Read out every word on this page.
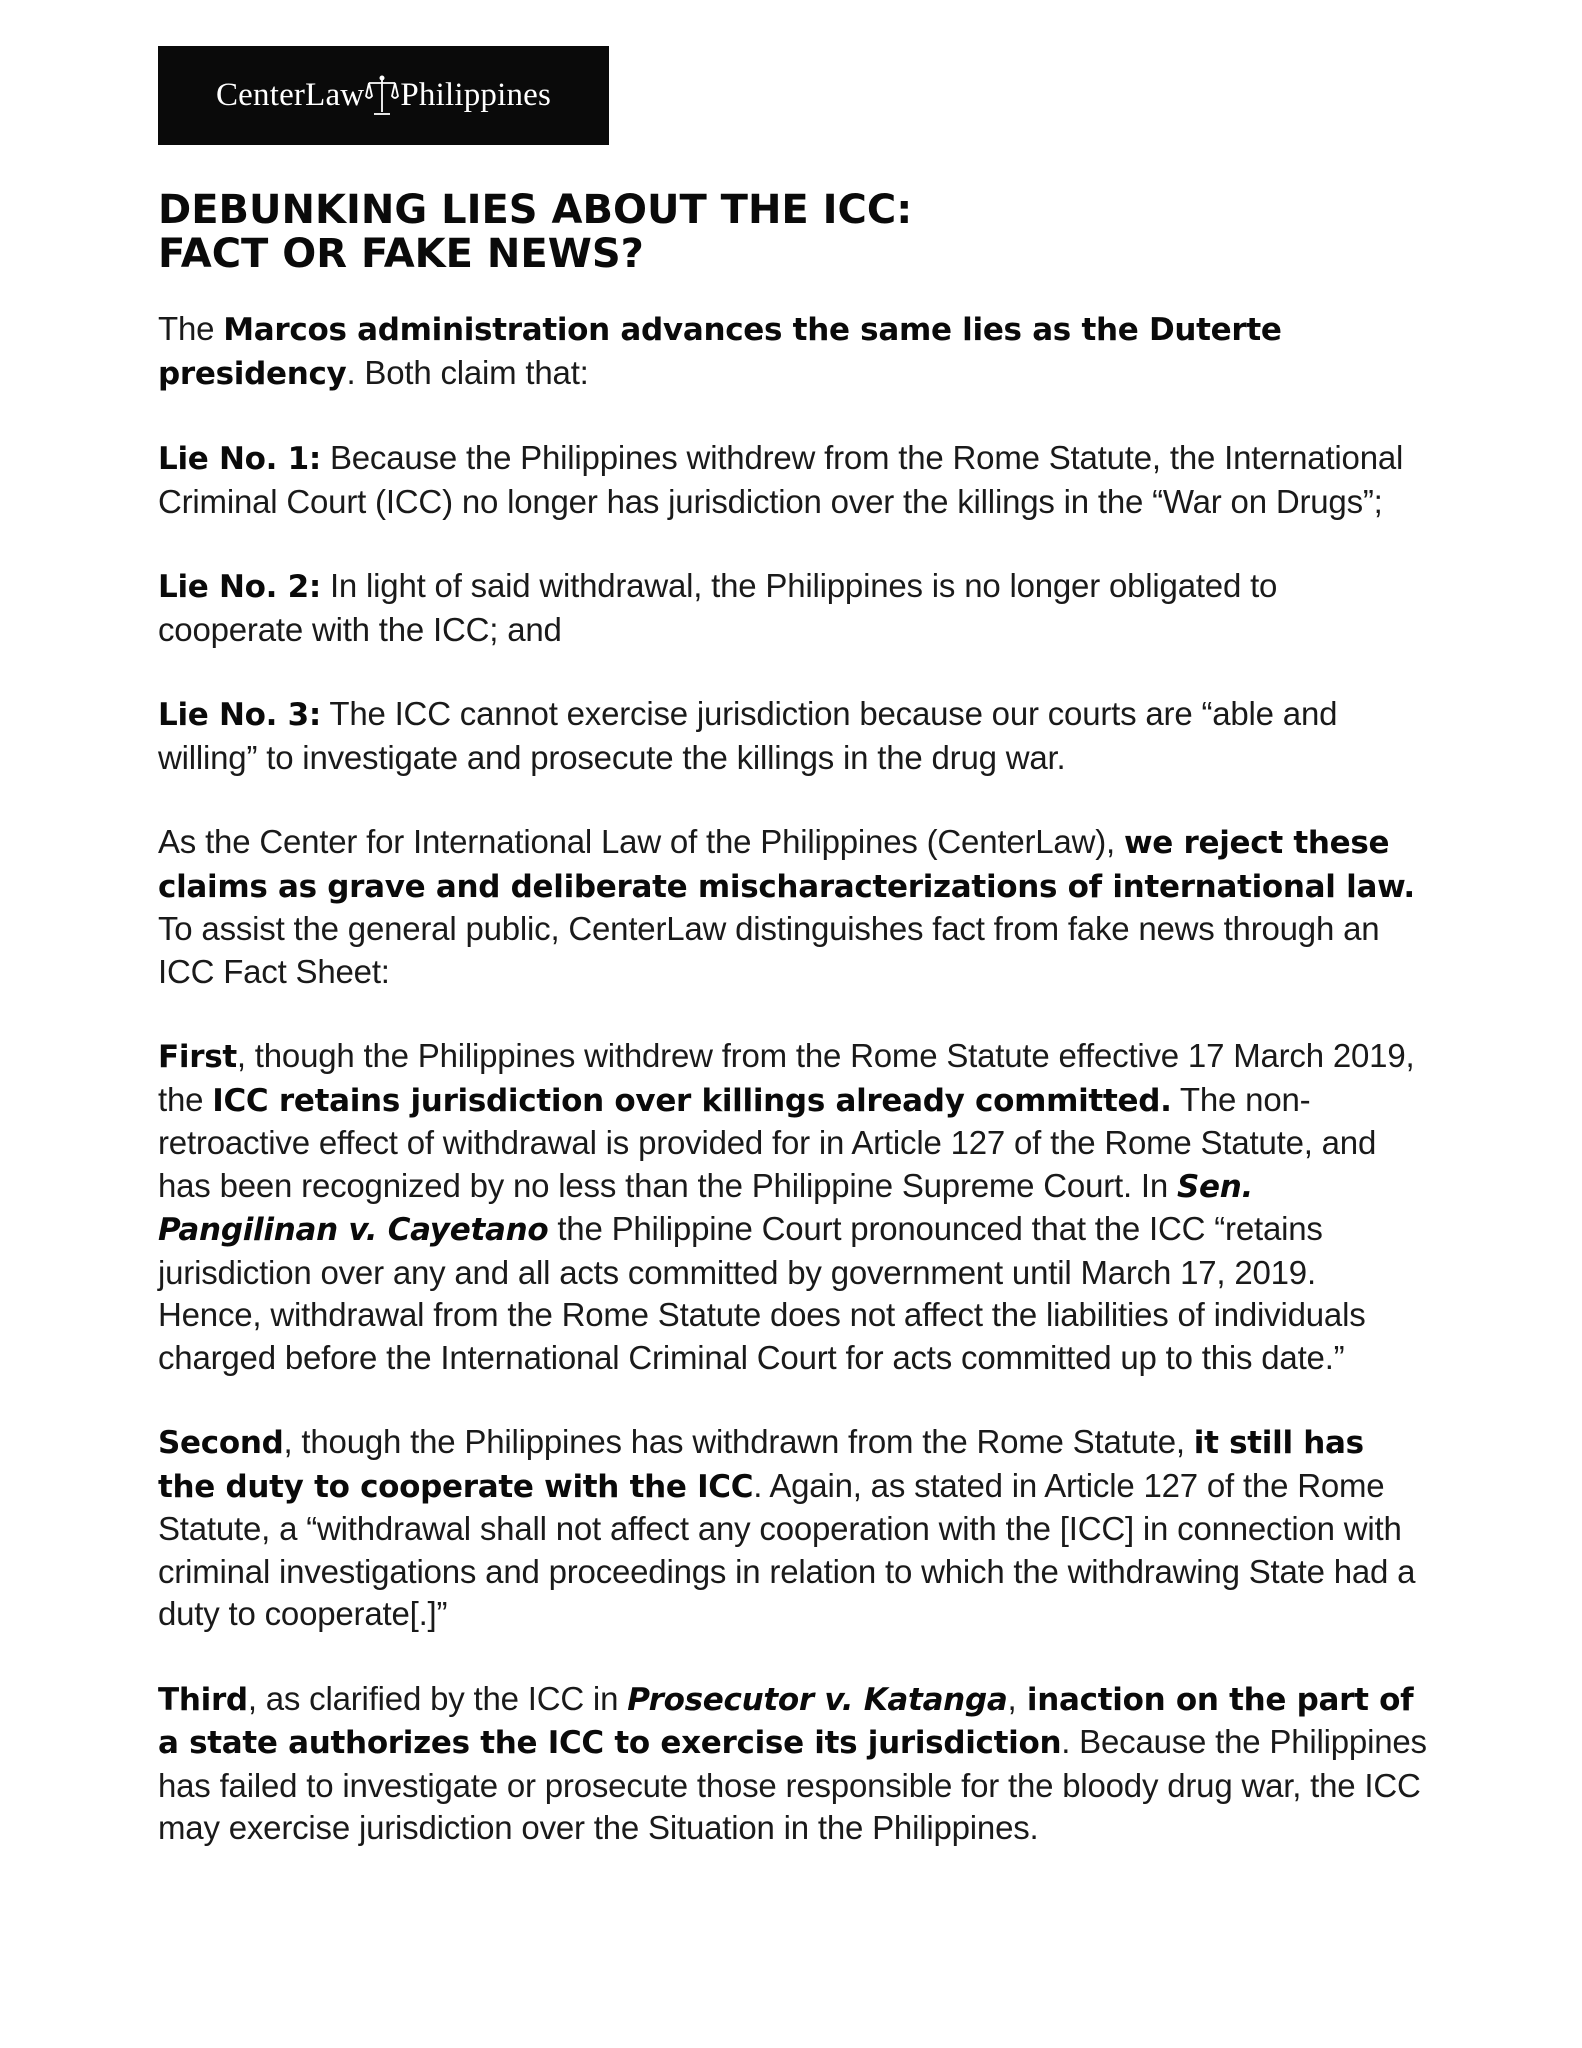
CenterLaw Philippines
DEBUNKING LIES ABOUT THE ICC:
FACT OR FAKE NEWS?

The Marcos administration advances the same lies as the Duterte presidency. Both claim that:

Lie No. 1: Because the Philippines withdrew from the Rome Statute, the International Criminal Court (ICC) no longer has jurisdiction over the killings in the “War on Drugs”;

Lie No. 2: In light of said withdrawal, the Philippines is no longer obligated to cooperate with the ICC; and

Lie No. 3: The ICC cannot exercise jurisdiction because our courts are “able and willing” to investigate and prosecute the killings in the drug war.

As the Center for International Law of the Philippines (CenterLaw), we reject these claims as grave and deliberate mischaracterizations of international law. To assist the general public, CenterLaw distinguishes fact from fake news through an ICC Fact Sheet:

First, though the Philippines withdrew from the Rome Statute effective 17 March 2019, the ICC retains jurisdiction over killings already committed. The non-retroactive effect of withdrawal is provided for in Article 127 of the Rome Statute, and has been recognized by no less than the Philippine Supreme Court. In Sen. Pangilinan v. Cayetano the Philippine Court pronounced that the ICC “retains jurisdiction over any and all acts committed by government until March 17, 2019. Hence, withdrawal from the Rome Statute does not affect the liabilities of individuals charged before the International Criminal Court for acts committed up to this date.”

Second, though the Philippines has withdrawn from the Rome Statute, it still has the duty to cooperate with the ICC. Again, as stated in Article 127 of the Rome Statute, a “withdrawal shall not affect any cooperation with the [ICC] in connection with criminal investigations and proceedings in relation to which the withdrawing State had a duty to cooperate[.]”

Third, as clarified by the ICC in Prosecutor v. Katanga, inaction on the part of a state authorizes the ICC to exercise its jurisdiction. Because the Philippines has failed to investigate or prosecute those responsible for the bloody drug war, the ICC may exercise jurisdiction over the Situation in the Philippines.
